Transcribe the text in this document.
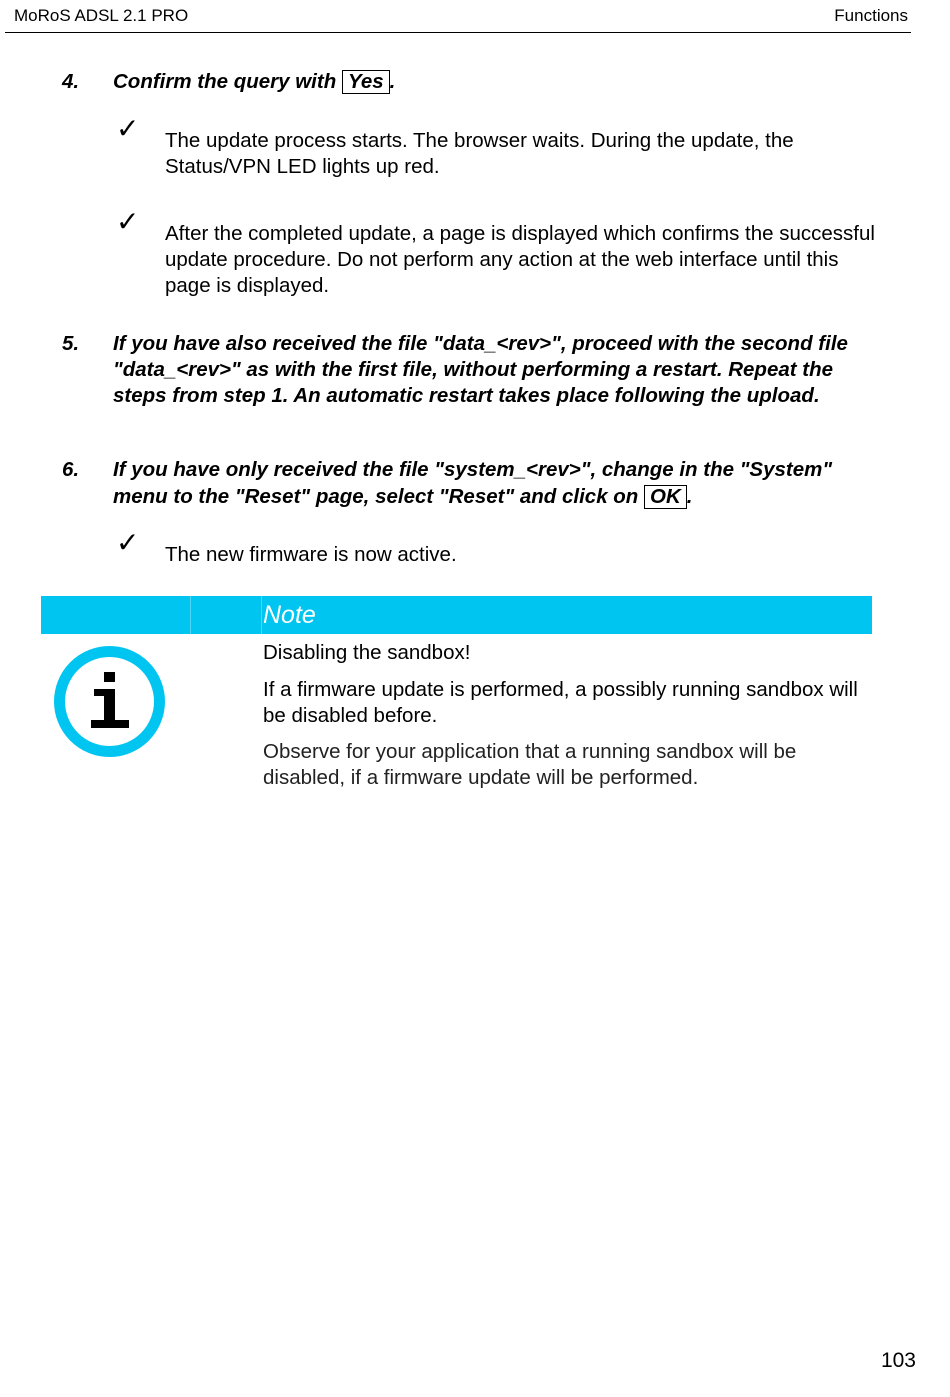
MoRoS ADSL 2.1 PRO	Functions
4. Confirm the query with Yes .
✓ The update process starts. The browser waits. During the update, the Status/VPN LED lights up red.
✓ After the completed update, a page is displayed which confirms the successful update procedure. Do not perform any action at the web interface until this page is displayed.
5. If you have also received the file "data_<rev>", proceed with the second file "data_<rev>" as with the first file, without performing a restart. Repeat the steps from step 1. An automatic restart takes place following the upload.
6. If you have only received the file "system_<rev>", change in the "System" menu to the "Reset" page, select "Reset" and click on OK .
✓ The new firmware is now active.
Note
Disabling the sandbox!
If a firmware update is performed, a possibly running sandbox will be disabled before.
Observe for your application that a running sandbox will be disabled, if a firmware update will be performed.
103
